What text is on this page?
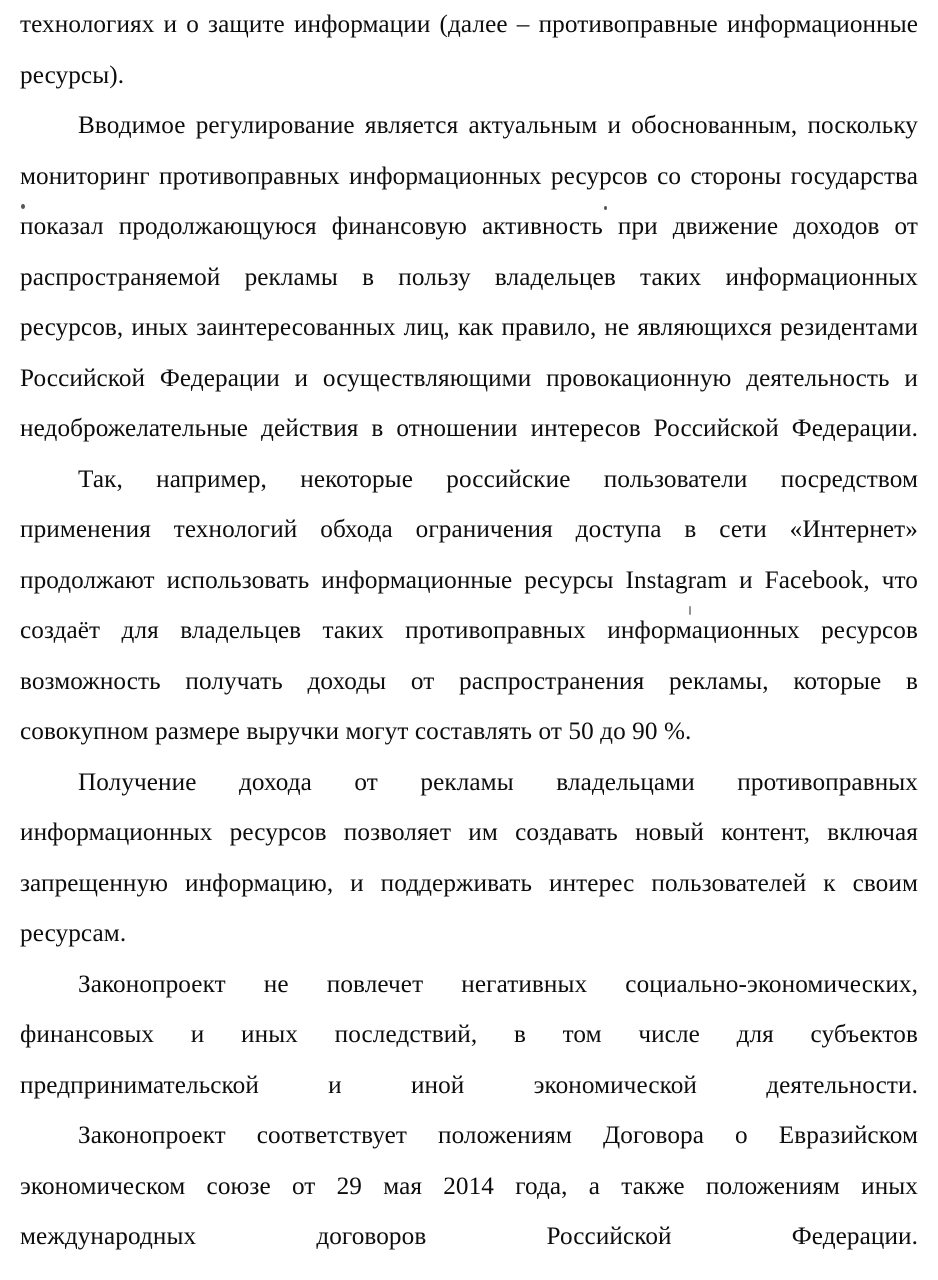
технологиях и о защите информации (далее – противоправные информационные ресурсы).

Вводимое регулирование является актуальным и обоснованным, поскольку мониторинг противоправных информационных ресурсов со стороны государства показал продолжающуюся финансовую активность при движение доходов от распространяемой рекламы в пользу владельцев таких информационных ресурсов, иных заинтересованных лиц, как правило, не являющихся резидентами Российской Федерации и осуществляющими провокационную деятельность и недоброжелательные действия в отношении интересов Российской Федерации.

Так, например, некоторые российские пользователи посредством применения технологий обхода ограничения доступа в сети «Интернет» продолжают использовать информационные ресурсы Instagram и Facebook, что создаёт для владельцев таких противоправных информационных ресурсов возможность получать доходы от распространения рекламы, которые в совокупном размере выручки могут составлять от 50 до 90 %.

Получение дохода от рекламы владельцами противоправных информационных ресурсов позволяет им создавать новый контент, включая запрещенную информацию, и поддерживать интерес пользователей к своим ресурсам.

Законопроект не повлечет негативных социально-экономических, финансовых и иных последствий, в том числе для субъектов предпринимательской и иной экономической деятельности.

Законопроект соответствует положениям Договора о Евразийском экономическом союзе от 29 мая 2014 года, а также положениям иных международных договоров Российской Федерации.
